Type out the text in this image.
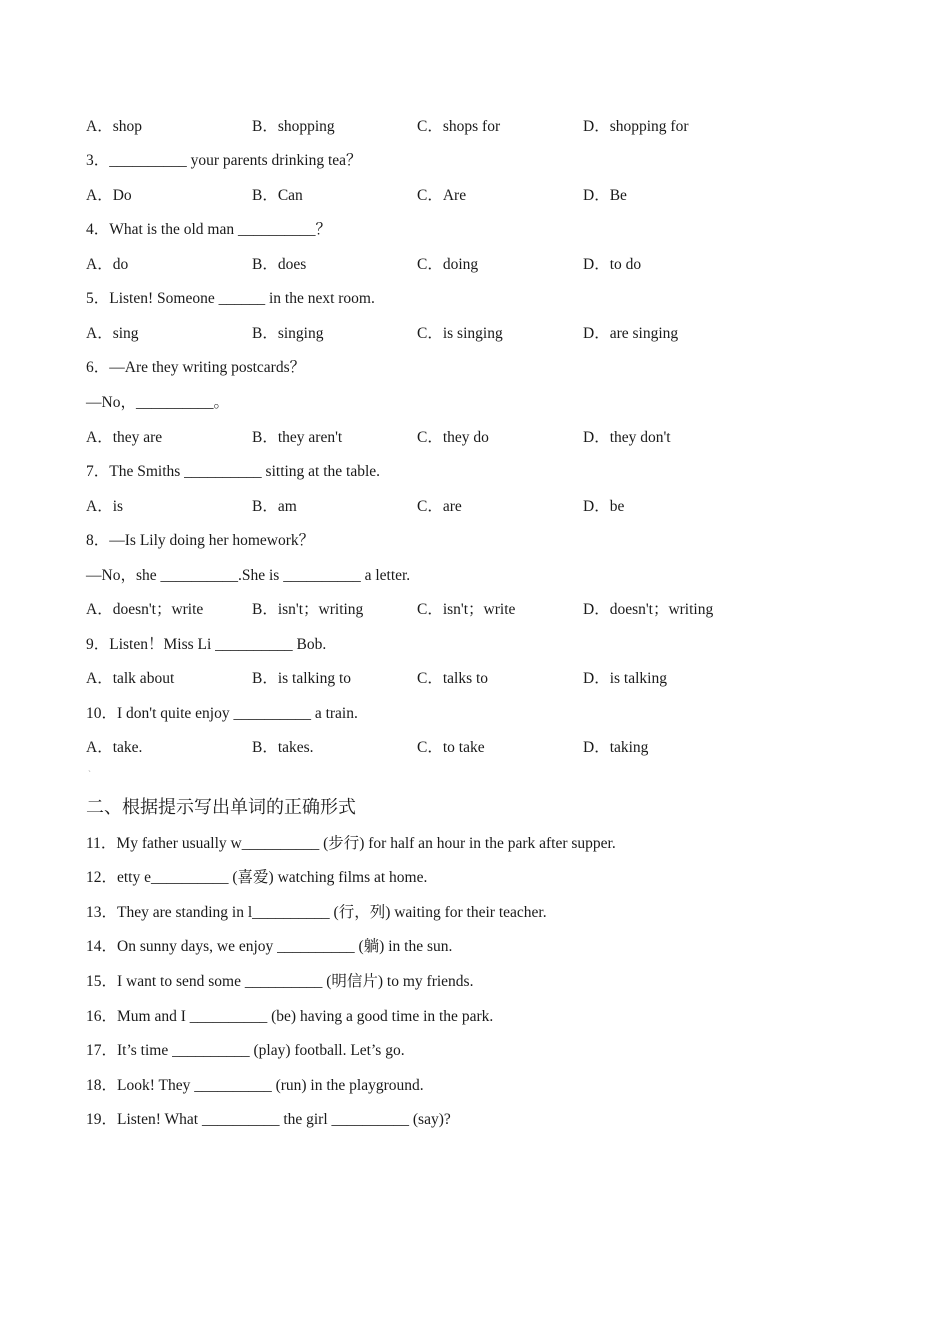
A．shop

	B．shopping

	C．shops for

	D．shopping for

3．__________ your parents drinking tea？

A．Do

	B．Can

	C．Are

	D．Be

4．What is the old man __________？

A．do

	B．does

	C．doing

	D．to do

5．Listen! Someone ______ in the next room.

A．sing

	B．singing

	C．is singing

	D．are singing

6．—Are they writing postcards？
—No，__________。

A．they are

	B．they aren't

	C．they do

	D．they don't

7．The Smiths __________ sitting at the table.

A．is

	B．am

	C．are

	D．be

8．—Is Lily doing her homework？
—No，she __________.She is __________ a letter.

A．doesn't；write

	B．isn't；writing

	C．isn't；write

	D．doesn't；writing

9．Listen！Miss Li __________ Bob.

A．talk about

	B．is talking to

	C．talks to

	D．is talking

10．I don't quite enjoy __________ a train.

A．take.

	B．takes.

	C．to take

	D．taking

ˎ
二、根据提示写出单词的正确形式
11．My father usually w__________ (步行) for half an hour in the park after supper.
12．etty e__________ (喜爱) watching films at home.
13．They are standing in l__________ (行，列) waiting for their teacher.
14．On sunny days, we enjoy __________ (躺) in the sun.
15．I want to send some __________ (明信片) to my friends.
16．Mum and I __________ (be) having a good time in the park.
17．It’s time __________ (play) football. Let’s go.
18．Look! They __________ (run) in the playground.
19．Listen! What __________ the girl __________ (say)?
